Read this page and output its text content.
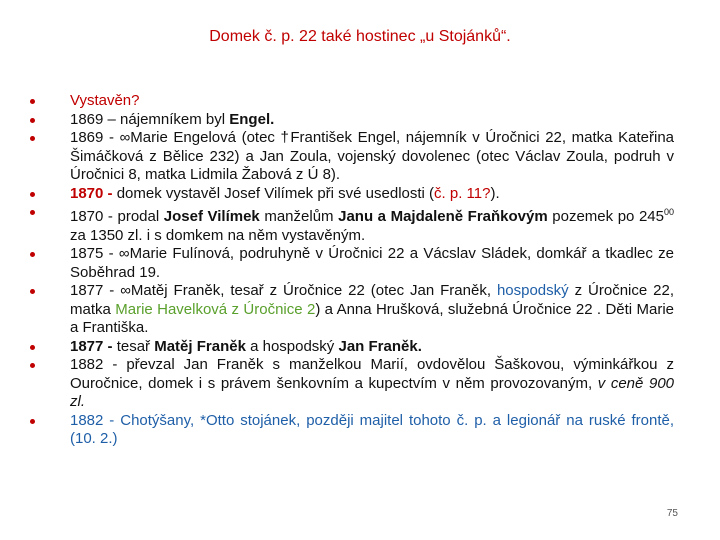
Domek č. p. 22 také hostinec „u Stojánků“.
Vystavěn?
1869 – nájemníkem byl Engel.
1869 - ∞Marie Engelová (otec †František Engel, nájemník v Úročnici 22, matka Kateřina Šimáčková z Bělice 232) a Jan Zoula, vojenský dovolenec (otec Václav Zoula, podruh v Úročnici 8, matka Lidmila Žabová z Ú 8).
1870 - domek vystavěl Josef Vilímek při své usedlosti (č. p. 11?).
1870 - prodal Josef Vilímek manželům Janu a Majdaleně Fraňkovým pozemek po $245^{00}$ za 1350 zl. i s domkem na něm vystavěným.
1875 - ∞Marie Fulínová, podruhyně v Úročnici 22 a Vácslav Sládek, domkář a tkadlec ze Soběhrad 19.
1877 - ∞Matěj Franěk, tesař z Úročnice 22 (otec Jan Franěk, hospodský z Úročnice 22, matka Marie Havelková z Úročnice 2) a Anna Hrušková, služebná Úročnice 22 . Děti Marie a Františka.
1877 - tesař Matěj Franěk a hospodský Jan Franěk.
1882 - převzal Jan Franěk s manželkou Marií, ovdovělou Šaškovou, výminkářkou z Ouročnice, domek i s právem šenkovním a kupectvím v něm provozovaným, v ceně 900 zl.
1882 - Chotýšany, *Otto stojánek, později majitel tohoto č. p. a legionář na ruské frontě, (10. 2.)
75
